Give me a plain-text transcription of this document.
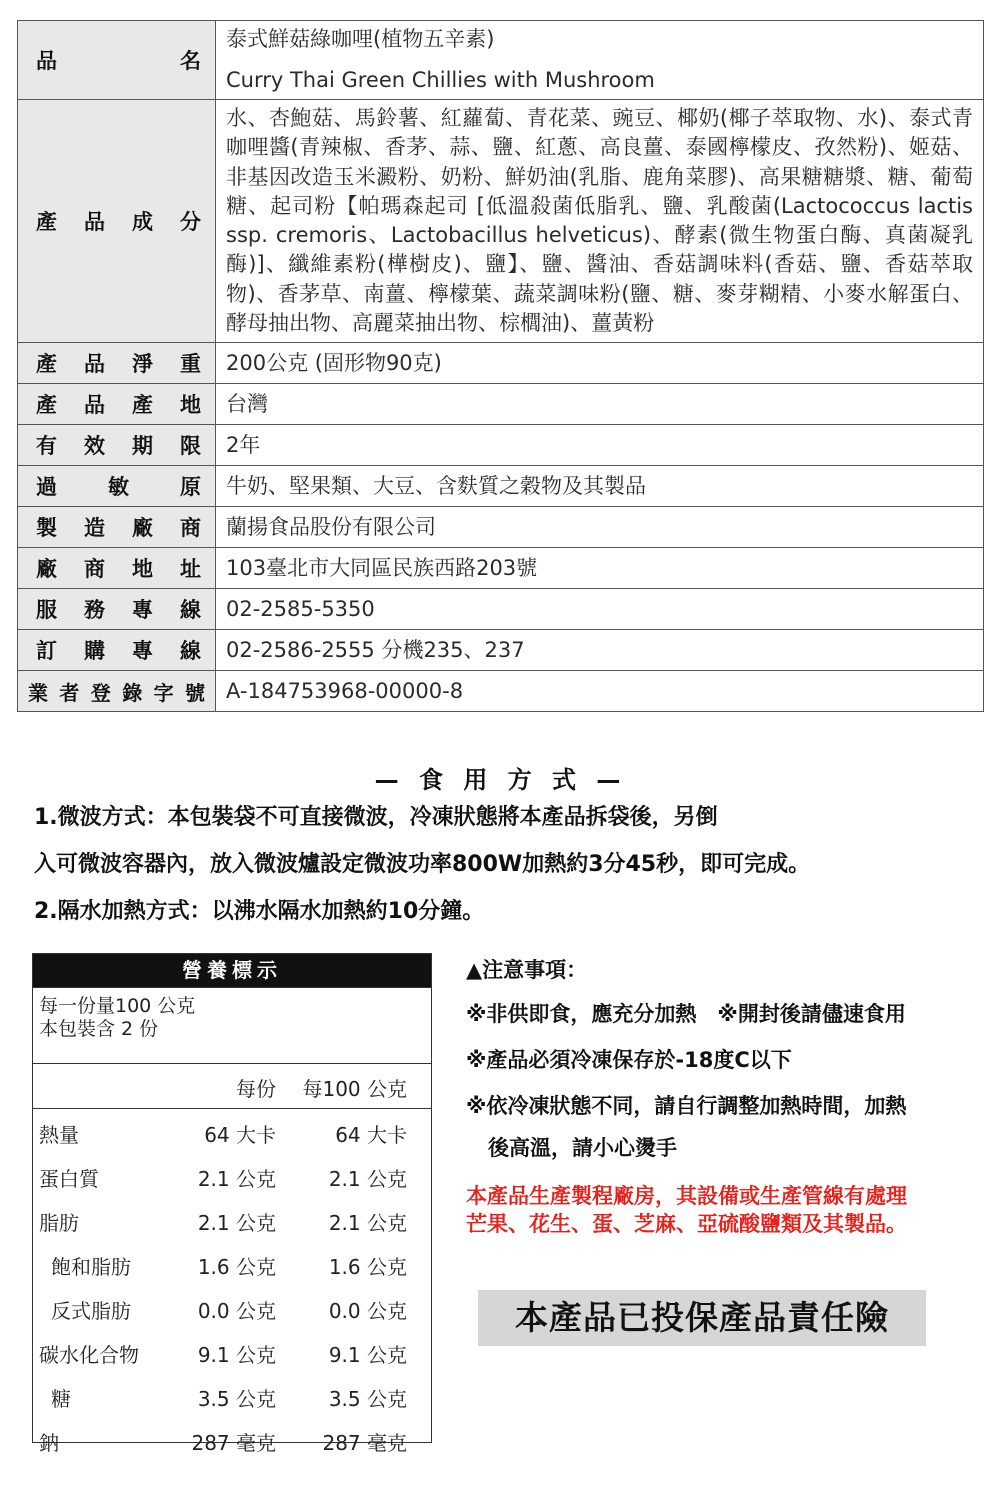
品　名	泰式鮮菇綠咖哩(植物五辛素)
Curry Thai Green Chillies with Mushroom
產品成分	水、杏鮑菇、馬鈴薯、紅蘿蔔、青花菜、豌豆、椰奶(椰子萃取物、水)、泰式青咖哩醬(青辣椒、香茅、蒜、鹽、紅蔥、高良薑、泰國檸檬皮、孜然粉)、姬菇、非基因改造玉米澱粉、奶粉、鮮奶油(乳脂、鹿角菜膠)、高果糖糖漿、糖、葡萄糖、起司粉【帕瑪森起司 [低溫殺菌低脂乳、鹽、乳酸菌(Lactococcus lactis ssp. cremoris、Lactobacillus helveticus)、酵素(微生物蛋白酶、真菌凝乳酶)]、纖維素粉(樺樹皮)、鹽】、鹽、醬油、香菇調味料(香菇、鹽、香菇萃取物)、香茅草、南薑、檸檬葉、蔬菜調味粉(鹽、糖、麥芽糊精、小麥水解蛋白、酵母抽出物、高麗菜抽出物、棕櫚油)、薑黃粉
產品淨重	200公克 (固形物90克)
產品產地	台灣
有效期限	2年
過　敏　原	牛奶、堅果類、大豆、含麩質之穀物及其製品
製造廠商	蘭揚食品股份有限公司
廠商地址	103臺北市大同區民族西路203號
服務專線	02-2585-5350
訂購專線	02-2586-2555 分機235、237
業者登錄字號	A-184753968-00000-8
— 食 用 方 式 —
1.微波方式：本包裝袋不可直接微波，冷凍狀態將本產品拆袋後，另倒
入可微波容器內，放入微波爐設定微波功率800W加熱約3分45秒，即可完成。
2.隔水加熱方式：以沸水隔水加熱約10分鐘。
營養標示
每一份量100 公克
本包裝含 2 份
每份 每100 公克
熱量	64 大卡	64 大卡
蛋白質	2.1 公克	2.1 公克
脂肪	2.1 公克	2.1 公克
飽和脂肪	1.6 公克	1.6 公克
反式脂肪	0.0 公克	0.0 公克
碳水化合物	9.1 公克	9.1 公克
糖	3.5 公克	3.5 公克
鈉	287 毫克 287 毫克
▲注意事項：
※非供即食，應充分加熱　※開封後請儘速食用
※產品必須冷凍保存於-18度C以下
※依冷凍狀態不同，請自行調整加熱時間，加熱
後高溫，請小心燙手
本產品生產製程廠房，其設備或生產管線有處理
芒果、花生、蛋、芝麻、亞硫酸鹽類及其製品。
本產品已投保產品責任險
